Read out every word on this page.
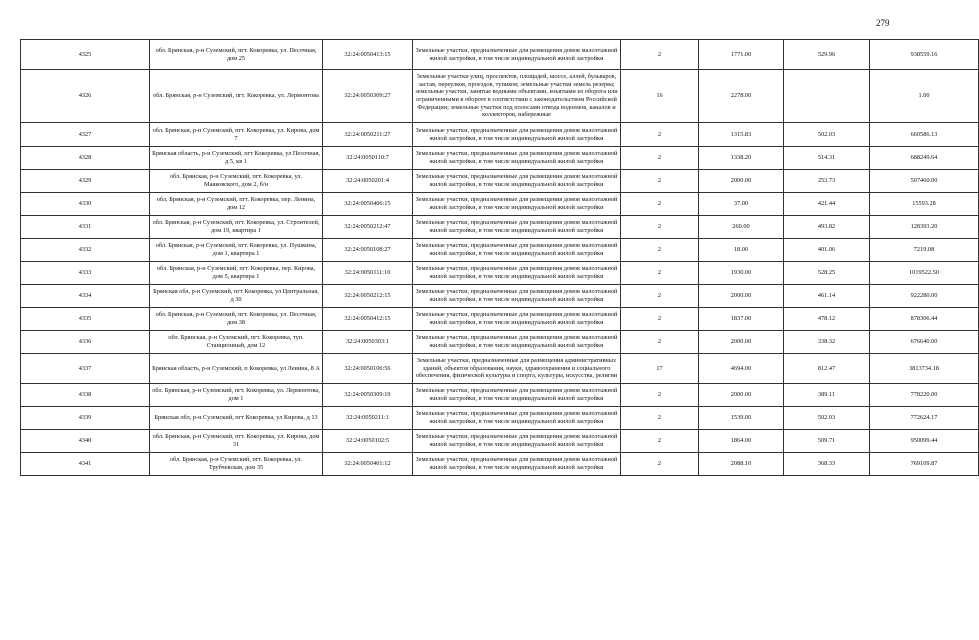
279
4325	обл. Брянская, р-н Суземский, пгт. Кокоревка, ул. Песочная, дом 25	32:24:0050413:15	Земельные участки, предназначенные для размещения домов малоэтажной жилой застройки, в том числе индивидуальной жилой застройки	2	1771.00	529.96	938559.16
4326	обл. Брянская, р-н Суземский, пгт. Кокоревка, ул. Лермонтова	32:24:0050309:27	Земельные участки улиц, проспектов, площадей, шоссе, аллей, бульваров, застав, переулков, проездов, тупиков; земельные участки земель резерва; земельные участки, занятые водными объектами, изъятыми из оборота или ограниченными в обороте в соответствии с законодательством Российской Федерации; земельные участки под полосами отвода водоемов, каналов и коллекторов, набережные	16	2278.00		1.00
4327	обл. Брянская, р-н Суземский, пгт. Кокоревка, ул. Кирова, дом 7	32:24:0050211:27	Земельные участки, предназначенные для размещения домов малоэтажной жилой застройки, в том числе индивидуальной жилой застройки	2	1315.83	502.03	660586.13
4328	Брянская область, р-н Суземский, пгт Кокоревка, ул Песочная, д 5, кв 1	32:24:0050110:7	Земельные участки, предназначенные для размещения домов малоэтажной жилой застройки, в том числе индивидуальной жилой застройки	2	1338.20	514.31	688249.64
4329	обл. Брянская, р-н Суземский, пгт. Кокоревка, ул. Маяковского, дом 2, б/н	32:24:0050201:4	Земельные участки, предназначенные для размещения домов малоэтажной жилой застройки, в том числе индивидуальной жилой застройки	2	2000.00	253.73	507460.00
4330	обл. Брянская, р-н Суземский, пгт. Кокоревка, пер. Ленина, дом 12	32:24:0050406:15	Земельные участки, предназначенные для размещения домов малоэтажной жилой застройки, в том числе индивидуальной жилой застройки	2	37.00	421.44	15593.28
4331	обл. Брянская, р-н Суземский, пгт. Кокоревка, ул. Строителей, дом 19, квартира 1	32:24:0050212:47	Земельные участки, предназначенные для размещения домов малоэтажной жилой застройки, в том числе индивидуальной жилой застройки	2	260.00	493.82	128393.20
4332	обл. Брянская, р-н Суземский, пгт. Кокоревка, ул. Пушкина, дом 1, квартира 1	32:24:0050108:27	Земельные участки, предназначенные для размещения домов малоэтажной жилой застройки, в том числе индивидуальной жилой застройки	2	18.00	401.06	7219.08
4333	обл. Брянская, р-н Суземский, пгт. Кокоревка, пер. Кирова, дом 5, квартира 1	32:24:0050111:10	Земельные участки, предназначенные для размещения домов малоэтажной жилой застройки, в том числе индивидуальной жилой застройки	2	1930.00	528.25	1019522.50
4334	Брянская обл, р-н Суземский, пгт Кокоревка, ул Центральная, д 30	32:24:0050212:15	Земельные участки, предназначенные для размещения домов малоэтажной жилой застройки, в том числе индивидуальной жилой застройки	2	2000.00	461.14	922280.00
4335	обл. Брянская, р-н Суземский, пгт. Кокоревка, ул. Песочная, дом 38	32:24:0050412:15	Земельные участки, предназначенные для размещения домов малоэтажной жилой застройки, в том числе индивидуальной жилой застройки	2	1837.00	478.12	878306.44
4336	обл. Брянская, р-н Суземский, пгт. Кокоревка, туп. Станционный, дом 12	32:24:0050303:1	Земельные участки, предназначенные для размещения домов малоэтажной жилой застройки, в том числе индивидуальной жилой застройки	2	2000.00	338.32	676640.00
4337	Брянская область, р-н Суземский, п Кокоревка, ул Ленина, 8 А	32:24:0050106:56	Земельные участки, предназначенные для размещения административных зданий, объектов образования, науки, здравоохранения и социального обеспечения, физической культуры и спорта, культуры, искусства, религии	17	4694.00	812.47	3813734.18
4338	обл. Брянская, р-н Суземский, пгт. Кокоревка, ул. Лермонтова, дом 1	32:24:0050309:19	Земельные участки, предназначенные для размещения домов малоэтажной жилой застройки, в том числе индивидуальной жилой застройки	2	2000.00	389.11	778220.00
4339	Брянская обл, р-н Суземский, пгт Кокоревка, ул Кирова, д 13	32:24:0050211:1	Земельные участки, предназначенные для размещения домов малоэтажной жилой застройки, в том числе индивидуальной жилой застройки	2	1539.00	502.03	772624.17
4340	обл. Брянская, р-н Суземский, пгт. Кокоревка, ул. Кирова, дом 31	32:24:0050102:5	Земельные участки, предназначенные для размещения домов малоэтажной жилой застройки, в том числе индивидуальной жилой застройки	2	1864.00	509.71	950099.44
4341	обл. Брянская, р-н Суземский, пгт. Кокоревка, ул. Трубчевская, дом 35	32:24:0050401:12	Земельные участки, предназначенные для размещения домов малоэтажной жилой застройки, в том числе индивидуальной жилой застройки	2	2088.10	368.33	769109.87
